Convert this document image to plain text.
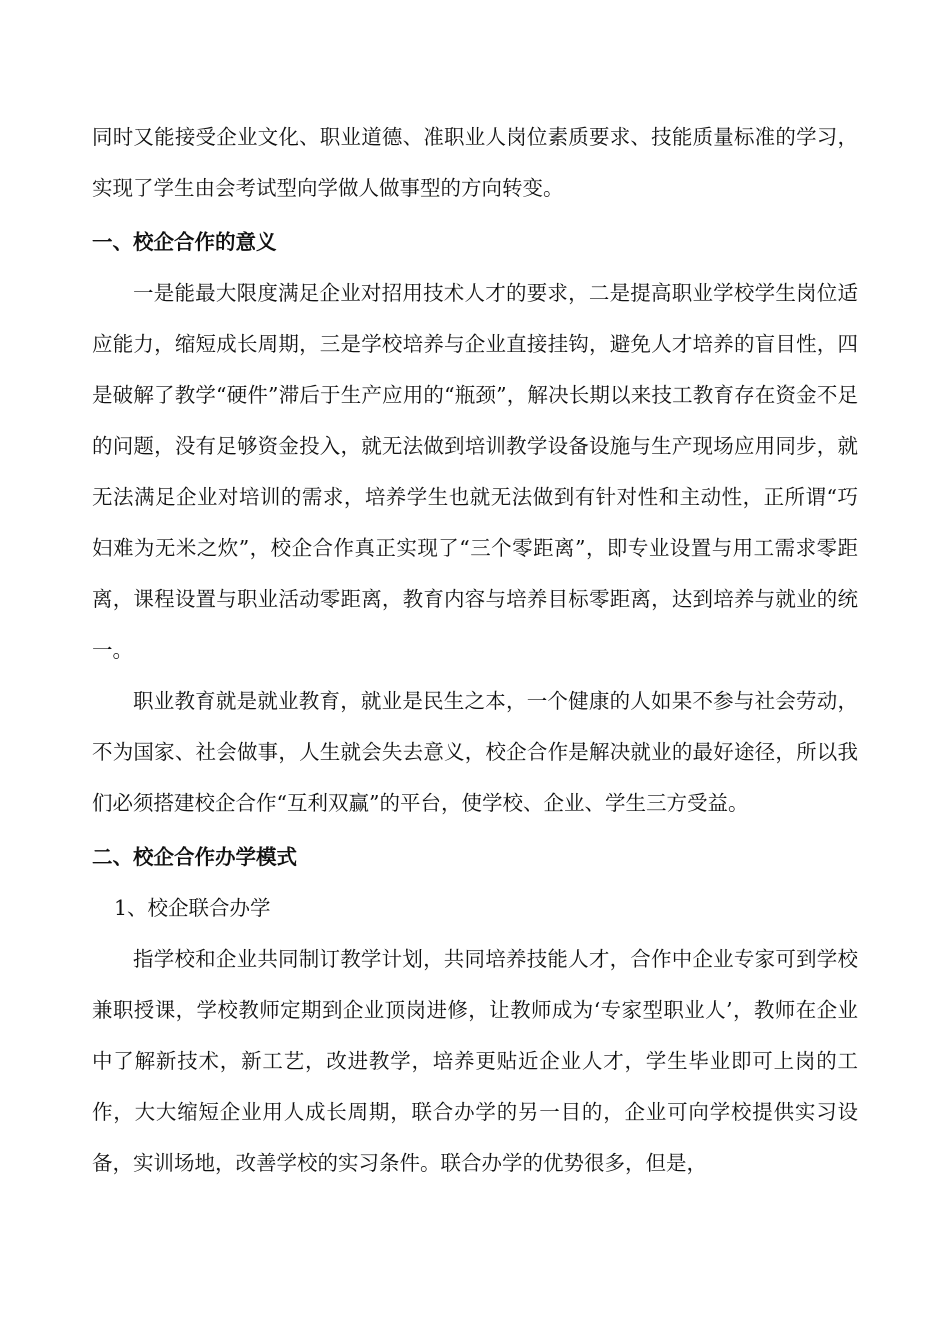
同时又能接受企业文化、职业道德、准职业人岗位素质要求、技能质量标准的学习，实现了学生由会考试型向学做人做事型的方向转变。

一、校企合作的意义

一是能最大限度满足企业对招用技术人才的要求，二是提高职业学校学生岗位适应能力，缩短成长周期，三是学校培养与企业直接挂钩，避免人才培养的盲目性，四是破解了教学“硬件”滞后于生产应用的“瓶颈”，解决长期以来技工教育存在资金不足的问题，没有足够资金投入，就无法做到培训教学设备设施与生产现场应用同步，就无法满足企业对培训的需求，培养学生也就无法做到有针对性和主动性，正所谓“巧妇难为无米之炊”，校企合作真正实现了“三个零距离”，即专业设置与用工需求零距离，课程设置与职业活动零距离，教育内容与培养目标零距离，达到培养与就业的统一。

职业教育就是就业教育，就业是民生之本，一个健康的人如果不参与社会劳动，不为国家、社会做事，人生就会失去意义，校企合作是解决就业的最好途径，所以我们必须搭建校企合作“互利双赢”的平台，使学校、企业、学生三方受益。

二、校企合作办学模式

1、校企联合办学

指学校和企业共同制订教学计划，共同培养技能人才，合作中企业专家可到学校兼职授课，学校教师定期到企业顶岗进修，让教师成为‘专家型职业人’，教师在企业中了解新技术，新工艺，改进教学，培养更贴近企业人才，学生毕业即可上岗的工作，大大缩短企业用人成长周期，联合办学的另一目的，企业可向学校提供实习设备，实训场地，改善学校的实习条件。联合办学的优势很多，但是，
